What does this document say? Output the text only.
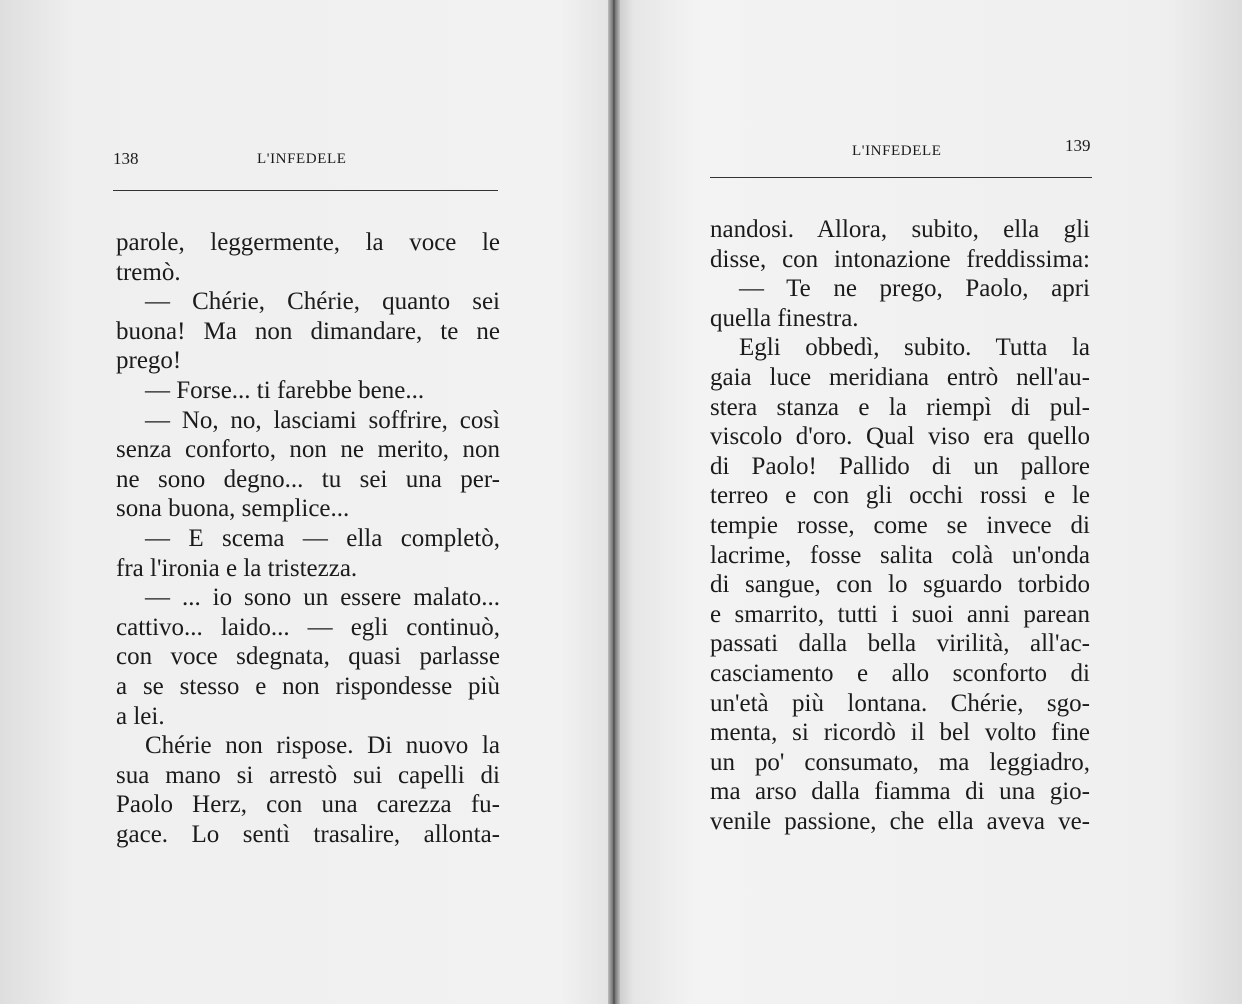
138	L'INFEDELE
parole, leggermente, la voce le
tremò.
— Chérie, Chérie, quanto sei
buona! Ma non dimandare, te ne
prego!
— Forse... ti farebbe bene...
— No, no, lasciami soffrire, così
senza conforto, non ne merito, non
ne sono degno... tu sei una per-
sona buona, semplice...
— E scema — ella completò,
fra l'ironia e la tristezza.
— ... io sono un essere malato...
cattivo... laido... — egli continuò,
con voce sdegnata, quasi parlasse
a se stesso e non rispondesse più
a lei.
Chérie non rispose. Di nuovo la
sua mano si arrestò sui capelli di
Paolo Herz, con una carezza fu-
gace. Lo sentì trasalire, allonta-
L'INFEDELE	139
nandosi. Allora, subito, ella gli
disse, con intonazione freddissima:
— Te ne prego, Paolo, apri
quella finestra.
Egli obbedì, subito. Tutta la
gaia luce meridiana entrò nell'au-
stera stanza e la riempì di pul-
viscolo d'oro. Qual viso era quello
di Paolo! Pallido di un pallore
terreo e con gli occhi rossi e le
tempie rosse, come se invece di
lacrime, fosse salita colà un'onda
di sangue, con lo sguardo torbido
e smarrito, tutti i suoi anni parean
passati dalla bella virilità, all'ac-
casciamento e allo sconforto di
un'età più lontana. Chérie, sgo-
menta, si ricordò il bel volto fine
un po' consumato, ma leggiadro,
ma arso dalla fiamma di una gio-
venile passione, che ella aveva ve-
